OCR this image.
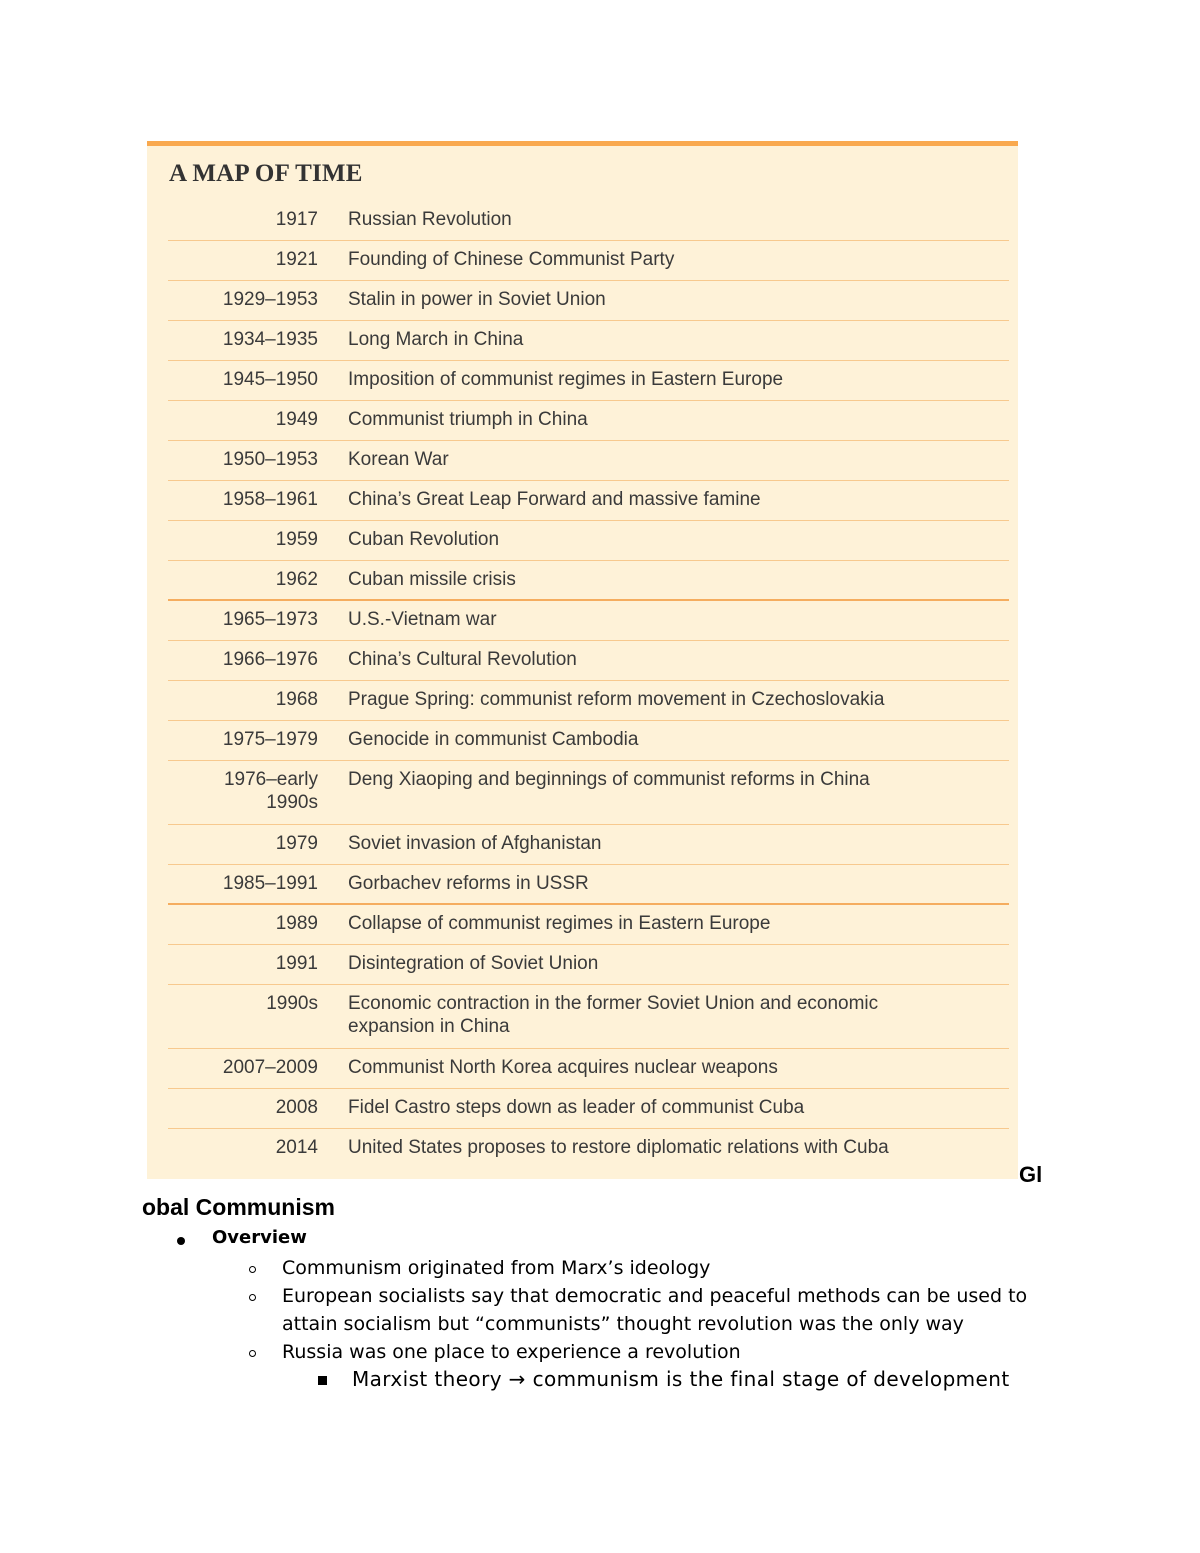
A MAP OF TIME
1917 Russian Revolution
1921 Founding of Chinese Communist Party
1929–1953 Stalin in power in Soviet Union
1934–1935 Long March in China
1945–1950 Imposition of communist regimes in Eastern Europe
1949 Communist triumph in China
1950–1953 Korean War
1958–1961 China’s Great Leap Forward and massive famine
1959 Cuban Revolution
1962 Cuban missile crisis
1965–1973 U.S.-Vietnam war
1966–1976 China’s Cultural Revolution
1968 Prague Spring: communist reform movement in Czechoslovakia
1975–1979 Genocide in communist Cambodia
1976–early 1990s
Deng Xiaoping and beginnings of communist reforms in China
1979 Soviet invasion of Afghanistan
1985–1991 Gorbachev reforms in USSR
1989 Collapse of communist regimes in Eastern Europe
1991 Disintegration of Soviet Union
1990s Economic contraction in the former Soviet Union and economic expansion in China
2007–2009 Communist North Korea acquires nuclear weapons
2008 Fidel Castro steps down as leader of communist Cuba
2014 United States proposes to restore diplomatic relations with Cuba
Gl
obal Communism
Overview
Communism originated from Marx’s ideology
European socialists say that democratic and peaceful methods can be used to attain socialism but “communists” thought revolution was the only way
Russia was one place to experience a revolution
Marxist theory → communism is the final stage of development
